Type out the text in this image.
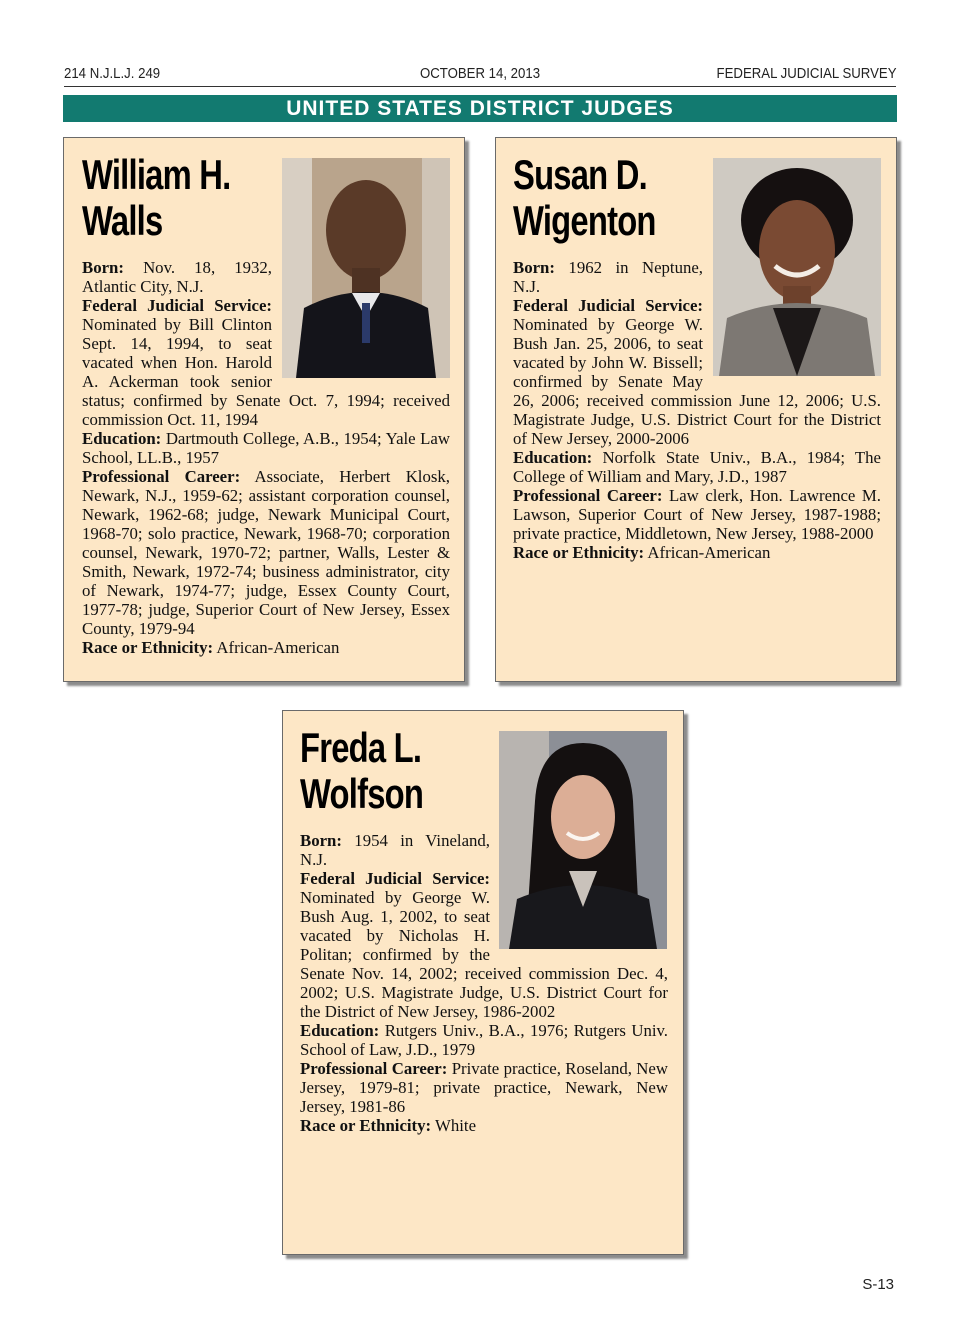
214 N.J.L.J. 249	OCTOBER 14, 2013	FEDERAL JUDICIAL SURVEY
UNITED STATES DISTRICT JUDGES
William H.
Walls

Born: Nov. 18, 1932, Atlantic City, N.J.

Federal Judicial Service: Nominated by Bill Clinton Sept. 14, 1994, to seat vacated when Hon. Harold A. Ackerman took senior status; confirmed by Senate Oct. 7, 1994; received commission Oct. 11, 1994

Education: Dartmouth College, A.B., 1954; Yale Law School, LL.B., 1957

Professional Career: Associate, Herbert Klosk, Newark, N.J., 1959-62; assistant corporation counsel, Newark, 1962-68; judge, Newark Municipal Court, 1968-70; solo practice, Newark, 1968-70; corporation counsel, Newark, 1970-72; partner, Walls, Lester & Smith, Newark, 1972-74; business administrator, city of Newark, 1974-77; judge, Essex County Court, 1977-78; judge, Superior Court of New Jersey, Essex County, 1979-94

Race or Ethnicity: African-American

Susan D.
Wigenton

Born: 1962 in Neptune, N.J.

Federal Judicial Service: Nominated by George W. Bush Jan. 25, 2006, to seat vacated by John W. Bissell; confirmed by Senate May 26, 2006; received commission June 12, 2006; U.S. Magistrate Judge, U.S. District Court for the District of New Jersey, 2000-2006

Education: Norfolk State Univ., B.A., 1984; The College of William and Mary, J.D., 1987

Professional Career: Law clerk, Hon. Lawrence M. Lawson, Superior Court of New Jersey, 1987-1988; private practice, Middletown, New Jersey, 1988-2000

Race or Ethnicity: African-American

Freda L.
Wolfson

Born: 1954 in Vineland, N.J.

Federal Judicial Service: Nominated by George W. Bush Aug. 1, 2002, to seat vacated by Nicholas H. Politan; confirmed by the Senate Nov. 14, 2002; received commission Dec. 4, 2002; U.S. Magistrate Judge, U.S. District Court for the District of New Jersey, 1986-2002

Education: Rutgers Univ., B.A., 1976; Rutgers Univ. School of Law, J.D., 1979

Professional Career: Private practice, Roseland, New Jersey, 1979-81; private practice, Newark, New Jersey, 1981-86

Race or Ethnicity: White

S-13
